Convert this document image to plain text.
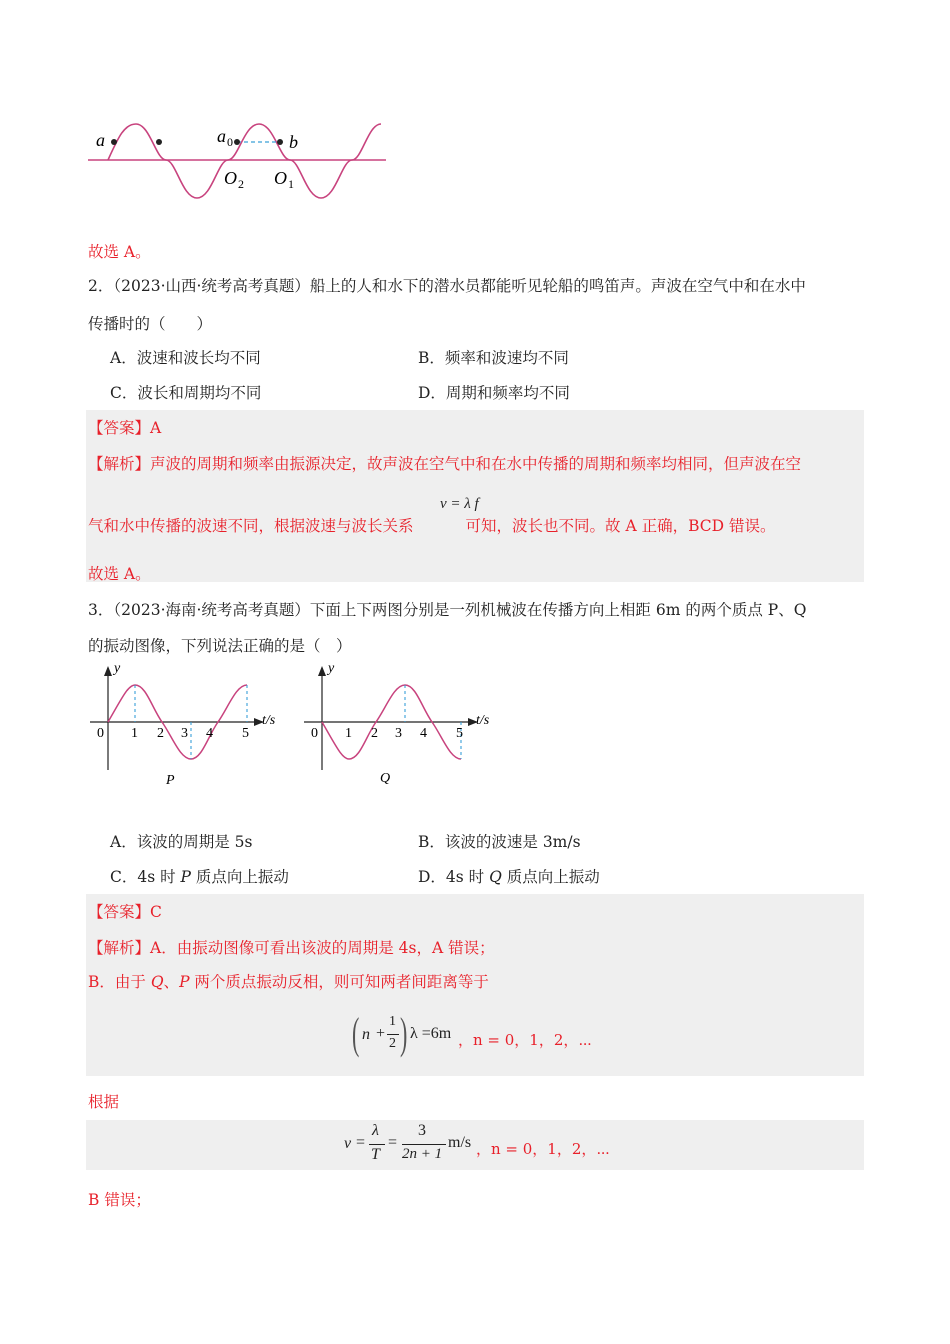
a	a 0	b
O 2 O 1
故选 A。
2．（2023·山西·统考高考真题）船上的人和水下的潜水员都能听见轮船的鸣笛声。声波在空气中和在水中
传播时的（　　）
A．波速和波长均不同	B．频率和波速均不同
C．波长和周期均不同	D．周期和频率均不同
【答案】A
【解析】声波的周期和频率由振源决定，故声波在空气中和在水中传播的周期和频率均相同，但声波在空
v = λ f
气和水中传播的波速不同，根据波速与波长关系	可知，波长也不同。故 A 正确，BCD 错误。
故选 A。
3．（2023·海南·统考高考真题）下面上下两图分别是一列机械波在传播方向上相距 6m 的两个质点 P、Q
的振动图像，下列说法正确的是（　）
y
t/s
0 1 2 3 4 5
P
y
t/s
0 1 2 3 4 5
Q
A．该波的周期是 5s	B．该波的波速是 3m/s
C．4s 时 P 质点向上振动	D．4s 时 Q 质点向上振动
【答案】C
【解析】A．由振动图像可看出该波的周期是 4s，A 错误；
B．由于 Q、P 两个质点振动反相，则可知两者间距离等于
( n +
1
2 ) λ =6m ，n = 0，1，2，⋯
根据
v =
λ
T
=
3
2n + 1
m/s ，n = 0，1，2，⋯
B 错误；
